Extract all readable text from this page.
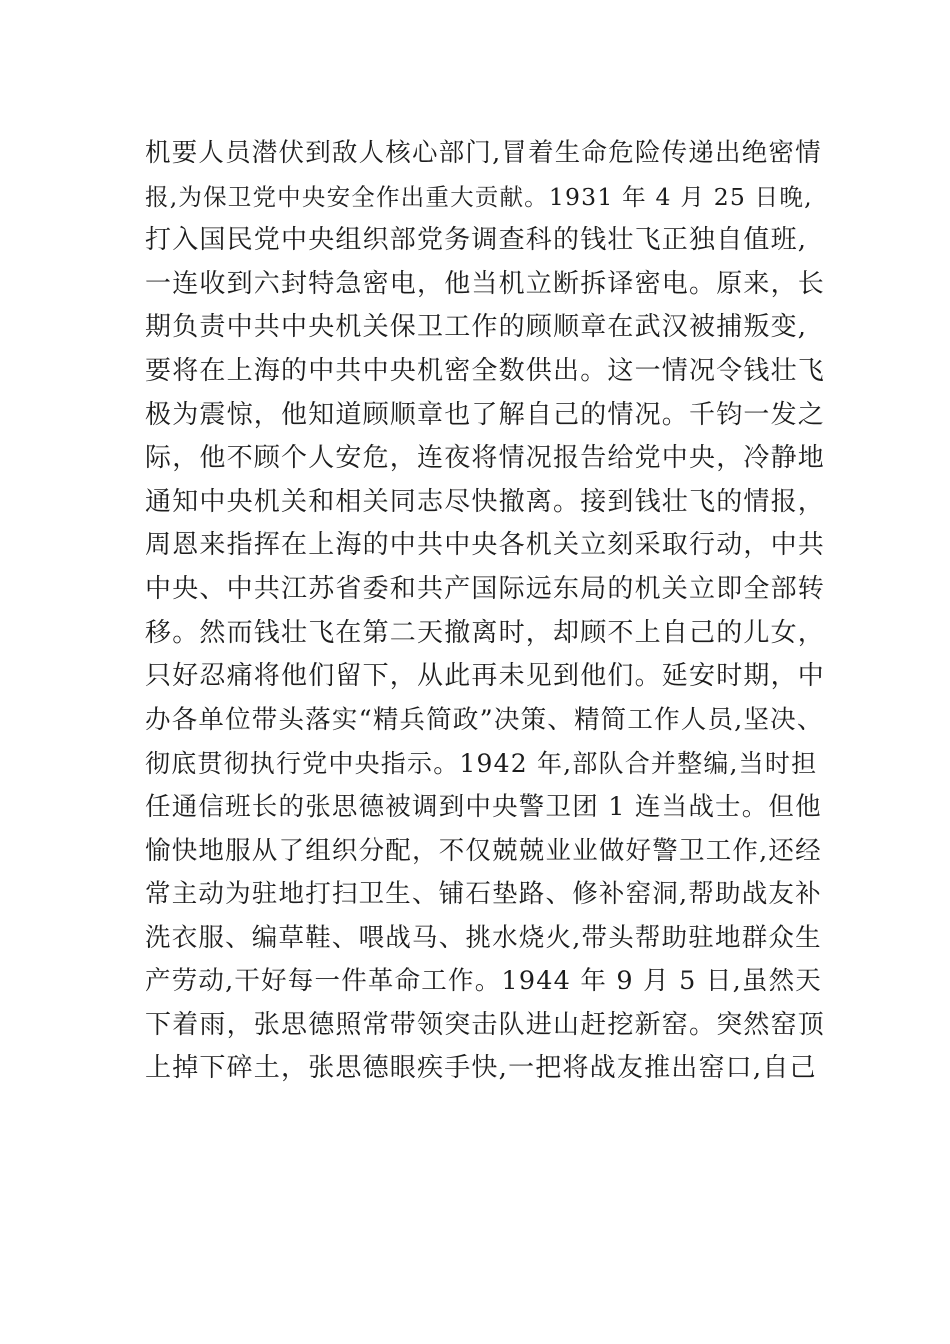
机要人员潜伏到敌人核心部门,冒着生命危险传递出绝密情
报,为保卫党中央安全作出重大贡献。1931 年 4 月 25 日晚,
打入国民党中央组织部党务调查科的钱壮飞正独自值班,
一连收到六封特急密电，他当机立断拆译密电。原来，长
期负责中共中央机关保卫工作的顾顺章在武汉被捕叛变,
要将在上海的中共中央机密全数供出。这一情况令钱壮飞
极为震惊，他知道顾顺章也了解自己的情况。千钧一发之
际，他不顾个人安危，连夜将情况报告给党中央，冷静地
通知中央机关和相关同志尽快撤离。接到钱壮飞的情报，
周恩来指挥在上海的中共中央各机关立刻采取行动，中共
中央、中共江苏省委和共产国际远东局的机关立即全部转
移。然而钱壮飞在第二天撤离时，却顾不上自己的儿女，
只好忍痛将他们留下，从此再未见到他们。延安时期，中
办各单位带头落实“精兵简政”决策、精简工作人员,坚决、
彻底贯彻执行党中央指示。1942 年,部队合并整编,当时担
任通信班长的张思德被调到中央警卫团 1 连当战士。但他
愉快地服从了组织分配，不仅兢兢业业做好警卫工作,还经
常主动为驻地打扫卫生、铺石垫路、修补窑洞,帮助战友补
洗衣服、编草鞋、喂战马、挑水烧火,带头帮助驻地群众生
产劳动,干好每一件革命工作。1944 年 9 月 5 日,虽然天
下着雨，张思德照常带领突击队进山赶挖新窑。突然窑顶
上掉下碎土，张思德眼疾手快,一把将战友推出窑口,自己
